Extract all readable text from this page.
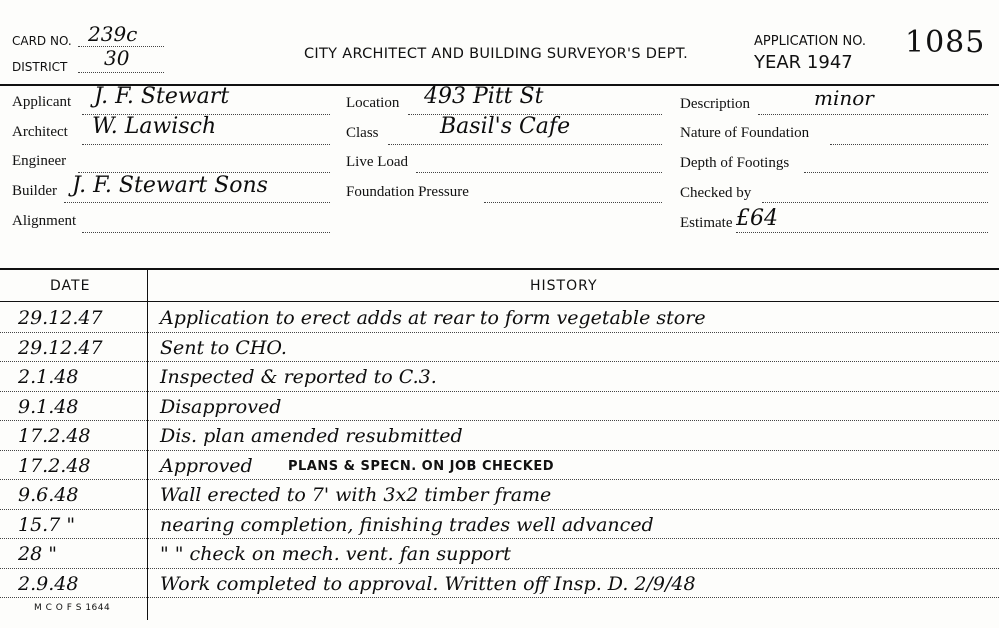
CARD NO. 239c
DISTRICT 30	CITY ARCHITECT AND BUILDING SURVEYOR'S DEPT.
APPLICATION NO. 1085
YEAR 1947
Applicant J. F. Stewart
Architect W. Lawisch
Engineer
Builder J. F. Stewart Sons
Alignment
Location 493 Pitt St
Class	Basil's Cafe
Live Load
Foundation Pressure
Description	minor
Nature of Foundation
Depth of Footings
Checked by
Estimate £64
DATE	HISTORY
29.12.47	Application to erect adds at rear to form vegetable store
29.12.47	Sent to CHO.
2.1.48	Inspected & reported to C.3.
9.1.48	Disapproved
17.2.48	Dis. plan amended resubmitted
17.2.48	Approved	PLANS & SPECN. ON JOB CHECKED
9.6.48	Wall erected to 7' with 3x2 timber frame
15.7 "	nearing completion, finishing trades well advanced
28 "	" " check on mech. vent. fan support
2.9.48	Work completed to approval. Written off Insp. D. 2/9/48
M C O F S 1644
